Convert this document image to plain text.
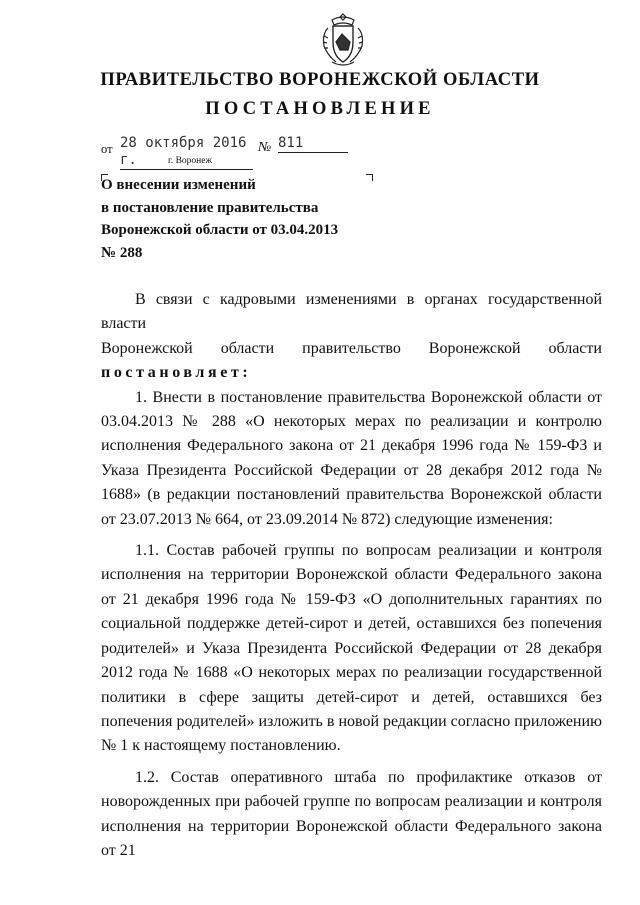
ПРАВИТЕЛЬСТВО ВОРОНЕЖСКОЙ ОБЛАСТИ
ПОСТАНОВЛЕНИЕ
от 28 октября 2016 г.
№ 811
г. Воронеж
О внесении изменений
в постановление правительства
Воронежской области от 03.04.2013
№ 288

В связи с кадровыми изменениями в органах государственной власти

Воронежской области правительство Воронежской области

постановляет:

1. Внести в постановление правительства Воронежской области от 03.04.2013 № 288 «О некоторых мерах по реализации и контролю исполнения Федерального закона от 21 декабря 1996 года № 159-ФЗ и Указа Президента Российской Федерации от 28 декабря 2012 года № 1688» (в редакции постановлений правительства Воронежской области от 23.07.2013 № 664, от 23.09.2014 № 872) следующие изменения:

1.1. Состав рабочей группы по вопросам реализации и контроля исполнения на территории Воронежской области Федерального закона от 21 декабря 1996 года № 159-ФЗ «О дополнительных гарантиях по социальной поддержке детей-сирот и детей, оставшихся без попечения родителей» и Указа Президента Российской Федерации от 28 декабря 2012 года № 1688 «О некоторых мерах по реализации государственной политики в сфере защиты детей-сирот и детей, оставшихся без попечения родителей» изложить в новой редакции согласно приложению № 1 к настоящему постановлению.

1.2. Состав оперативного штаба по профилактике отказов от новорожденных при рабочей группе по вопросам реализации и контроля исполнения на территории Воронежской области Федерального закона от 21
